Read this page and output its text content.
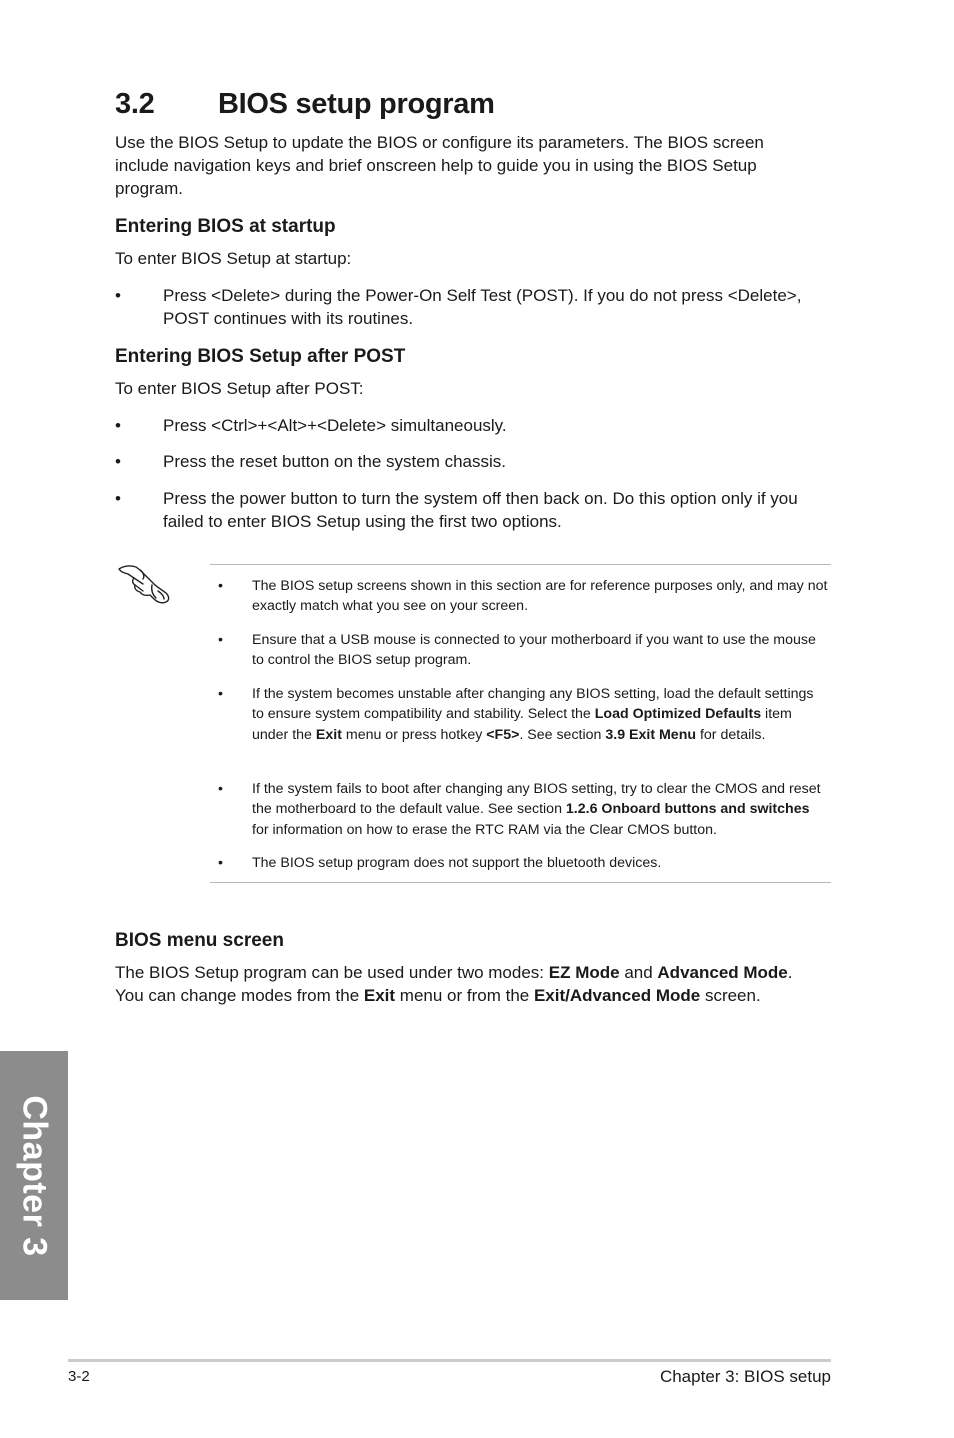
3.2 BIOS setup program
Use the BIOS Setup to update the BIOS or configure its parameters. The BIOS screen include navigation keys and brief onscreen help to guide you in using the BIOS Setup program.
Entering BIOS at startup
To enter BIOS Setup at startup:
• Press <Delete> during the Power-On Self Test (POST). If you do not press <Delete>, POST continues with its routines.
Entering BIOS Setup after POST
To enter BIOS Setup after POST:
• Press <Ctrl>+<Alt>+<Delete> simultaneously.
• Press the reset button on the system chassis.
• Press the power button to turn the system off then back on. Do this option only if you failed to enter BIOS Setup using the first two options.
• The BIOS setup screens shown in this section are for reference purposes only, and may not exactly match what you see on your screen.
• Ensure that a USB mouse is connected to your motherboard if you want to use the mouse to control the BIOS setup program.
• If the system becomes unstable after changing any BIOS setting, load the default settings to ensure system compatibility and stability. Select the Load Optimized Defaults item under the Exit menu or press hotkey <F5>. See section 3.9 Exit Menu for details.
• If the system fails to boot after changing any BIOS setting, try to clear the CMOS and reset the motherboard to the default value. See section 1.2.6 Onboard buttons and switches for information on how to erase the RTC RAM via the Clear CMOS button.
• The BIOS setup program does not support the bluetooth devices.
BIOS menu screen
The BIOS Setup program can be used under two modes: EZ Mode and Advanced Mode. You can change modes from the Exit menu or from the Exit/Advanced Mode screen.
Chapter 3
3-2	Chapter 3: BIOS setup
